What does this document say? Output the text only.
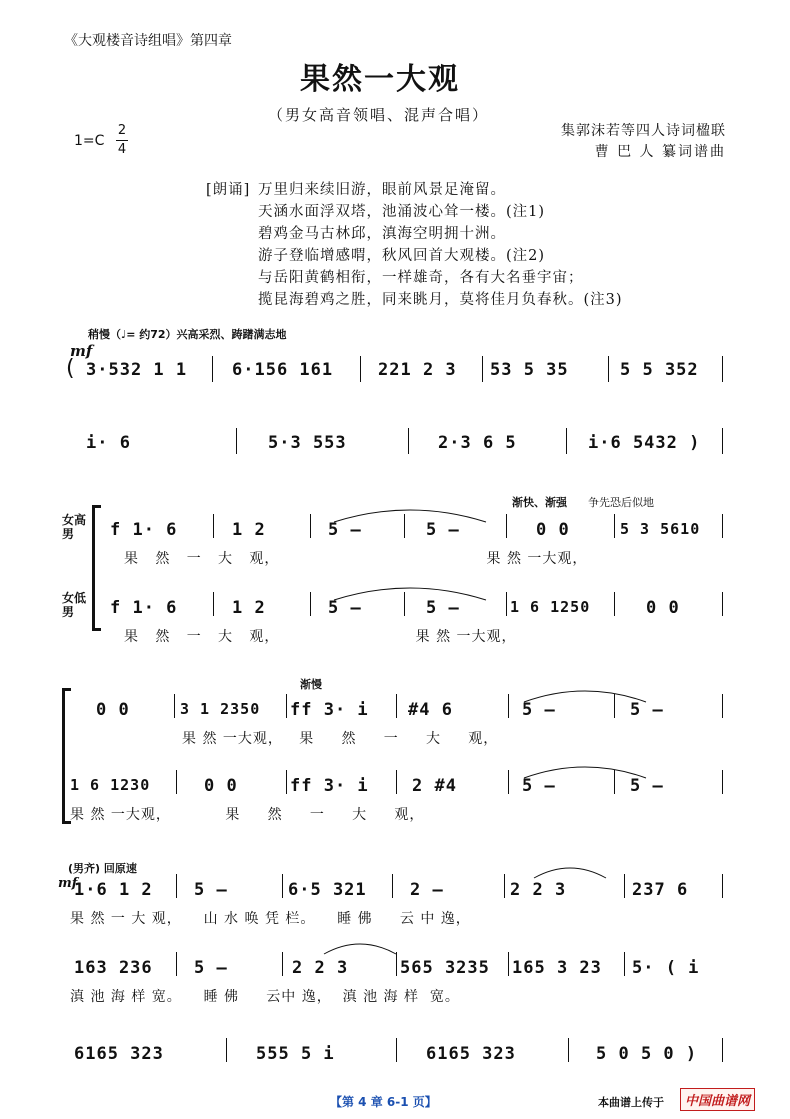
《大观楼音诗组唱》第四章
果然一大观
（男女高音领唱、混声合唱）
1=C
2
4
集郭沫若等四人诗词楹联
曹 巴 人 纂词谱曲
[朗诵] 万里归来续旧游，眼前风景足淹留。
天涵水面浮双塔，池涌波心耸一楼。(注1)
碧鸡金马古林邱，滇海空明拥十洲。
游子登临增感喟，秋风回首大观楼。(注2)
与岳阳黄鹤相衔，一样雄奇，各有大名垂宇宙；
揽昆海碧鸡之胜，同来眺月，莫将佳月负春秋。(注3)
稍慢（♩= 约72）兴高采烈、踌躇满志地
mf
( 3·532 1 1	6·156 161	221 2 3 53 5 35	5 5 352
i· 6	5·3 553	2·3 6 5	i·6 5432 )
渐快、渐强 争先恐后似地
女高
男
女低
男
f 1· 6	1 2	5 –	5 –	0 0	5 3 5610
果   然   一   大   观，                                      果 然 一大观，
f 1· 6	1 2	5 –	5 –	1 6 1250	0 0
果   然   一   大   观，                         果 然 一大观，
渐慢
0 0	3 1 2350 ff 3· i #4 6	5 –	5 –
果 然 一大观，   果     然     一     大     观，
1 6 1230	0 0	ff 3· i	2 #4	5 –	5 –
果 然 一大观，          果     然     一     大     观，
(男齐) 回原速
mf
1·6 1 2 5 –	6·5 321	2 –	2 2 3	237 6
果 然 一 大 观，    山 水 唤 凭 栏。    睡 佛     云 中 逸，
163 236 5 –	2 2 3	565 3235 165 3 23 5· ( i
滇 池 海 样 宽。    睡 佛     云中 逸，  滇 池 海 样  宽。
6165 323	555 5 i	6165 323	5 0 5 0 )
【第 4 章 6-1 页】	本曲谱上传于	中国曲谱网
